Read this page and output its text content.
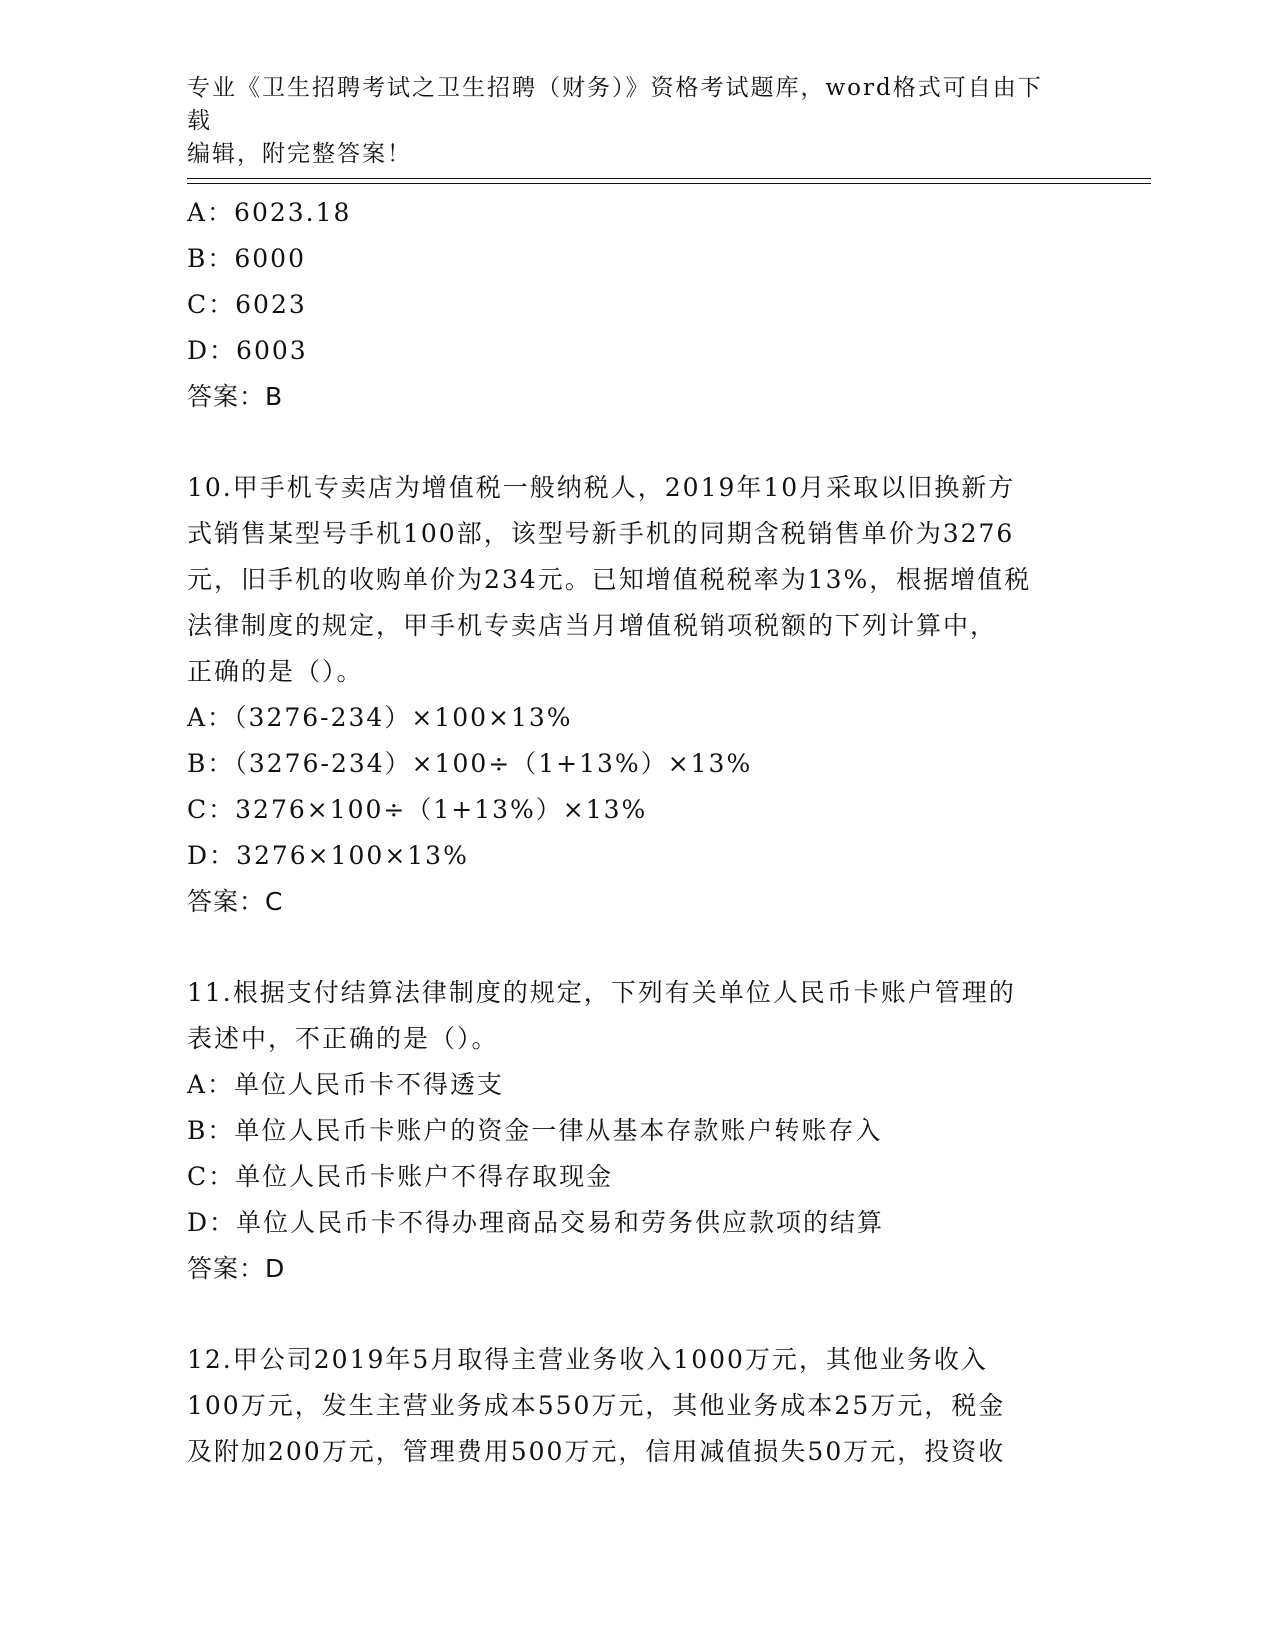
专业《卫生招聘考试之卫生招聘（财务）》资格考试题库，word格式可自由下载
编辑，附完整答案！
A：6023.18
B：6000
C：6023
D：6003
答案：B
10.甲手机专卖店为增值税一般纳税人，2019年10月采取以旧换新方
式销售某型号手机100部，该型号新手机的同期含税销售单价为3276
元，旧手机的收购单价为234元。已知增值税税率为13%，根据增值税
法律制度的规定，甲手机专卖店当月增值税销项税额的下列计算中，
正确的是（）。
A：（3276-234）×100×13%
B：（3276-234）×100÷（1+13%）×13%
C：3276×100÷（1+13%）×13%
D：3276×100×13%
答案：C
11.根据支付结算法律制度的规定，下列有关单位人民币卡账户管理的
表述中，不正确的是（）。
A：单位人民币卡不得透支
B：单位人民币卡账户的资金一律从基本存款账户转账存入
C：单位人民币卡账户不得存取现金
D：单位人民币卡不得办理商品交易和劳务供应款项的结算
答案：D
12.甲公司2019年5月取得主营业务收入1000万元，其他业务收入
100万元，发生主营业务成本550万元，其他业务成本25万元，税金
及附加200万元，管理费用500万元，信用减值损失50万元，投资收
